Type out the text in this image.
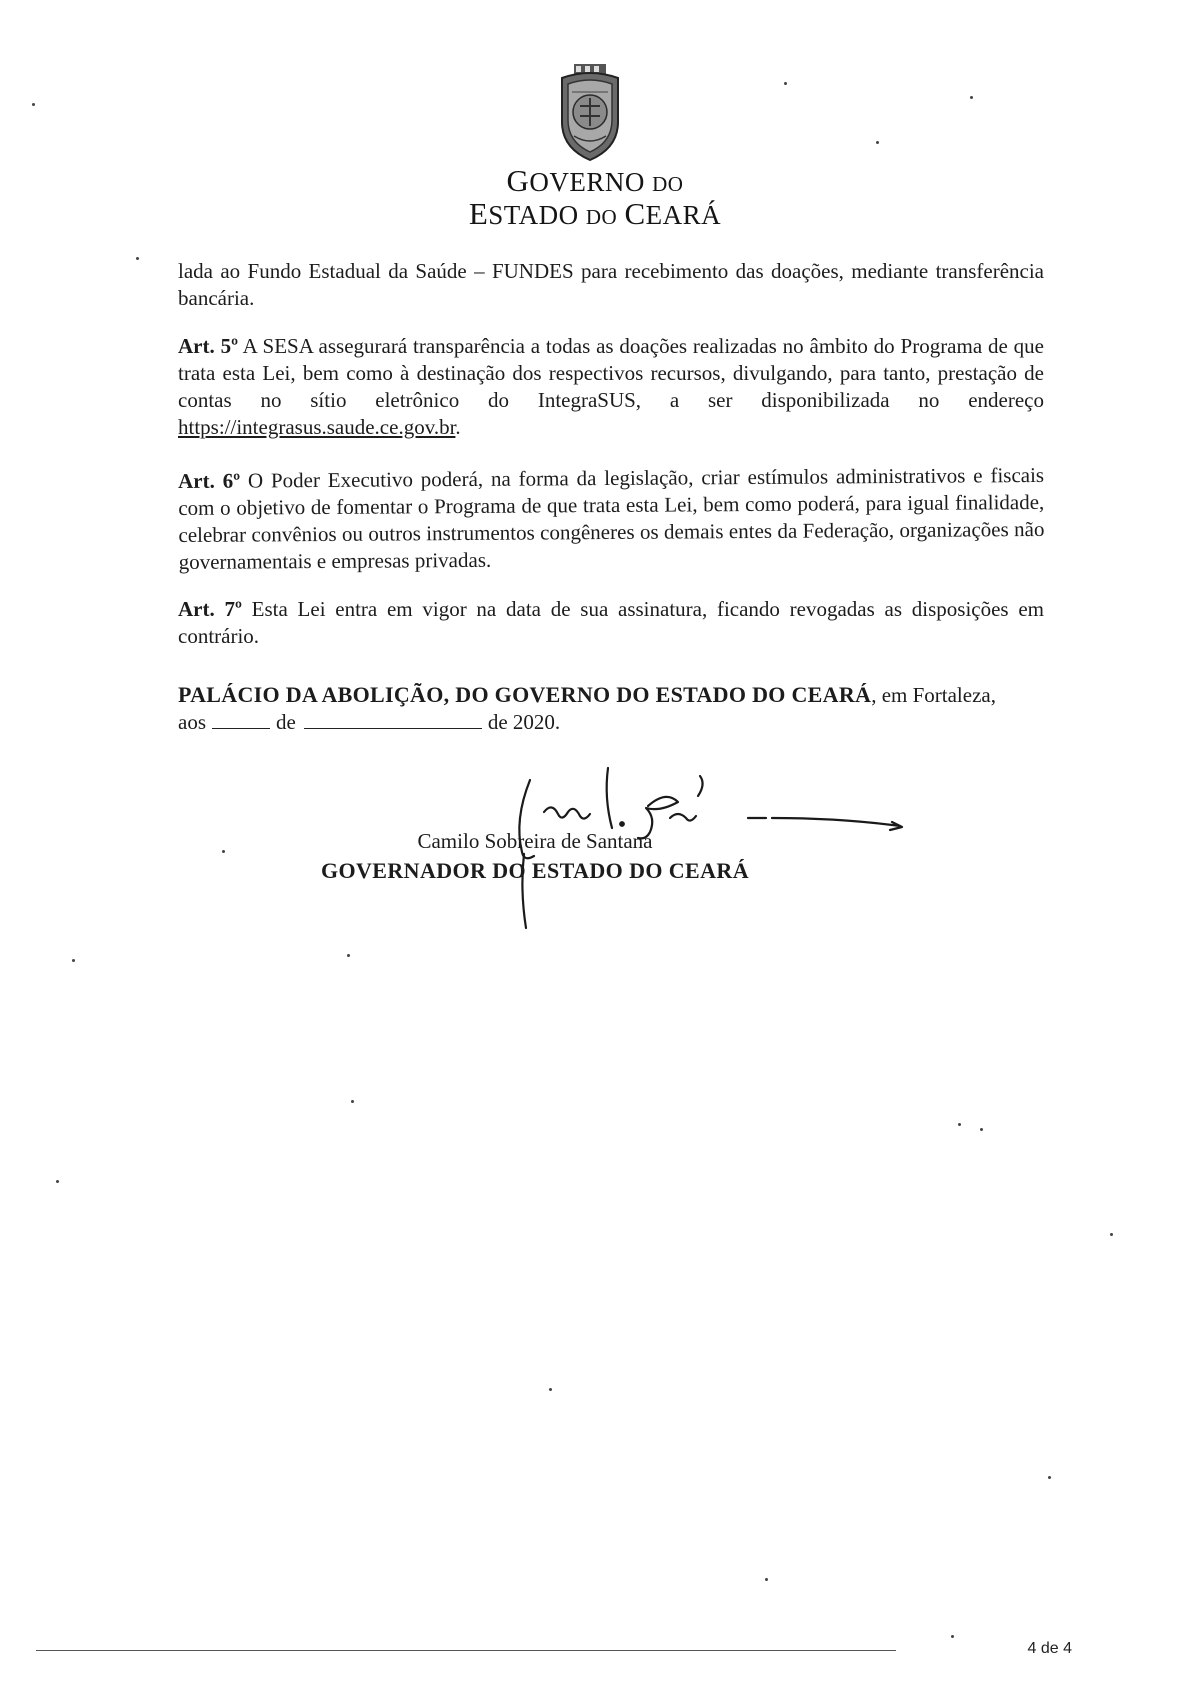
GOVERNO DO
ESTADO DO CEARÁ

lada ao Fundo Estadual da Saúde – FUNDES para recebimento das doações, mediante transferência bancária.

Art. 5º A SESA assegurará transparência a todas as doações realizadas no âmbito do Programa de que trata esta Lei, bem como à destinação dos respectivos recursos, divulgando, para tanto, prestação de contas no sítio eletrônico do IntegraSUS, a ser disponibilizada no endereço https://integrasus.saude.ce.gov.br.

Art. 6º O Poder Executivo poderá, na forma da legislação, criar estímulos administrativos e fiscais com o objetivo de fomentar o Programa de que trata esta Lei, bem como poderá, para igual finalidade, celebrar convênios ou outros instrumentos congêneres os demais entes da Federação, organizações não governamentais e empresas privadas.

Art. 7º Esta Lei entra em vigor na data de sua assinatura, ficando revogadas as disposições em contrário.

PALÁCIO DA ABOLIÇÃO, DO GOVERNO DO ESTADO DO CEARÁ, em Fortaleza,
aos	de	de 2020.

Camilo Sobreira de Santana
GOVERNADOR DO ESTADO DO CEARÁ
4 de 4
